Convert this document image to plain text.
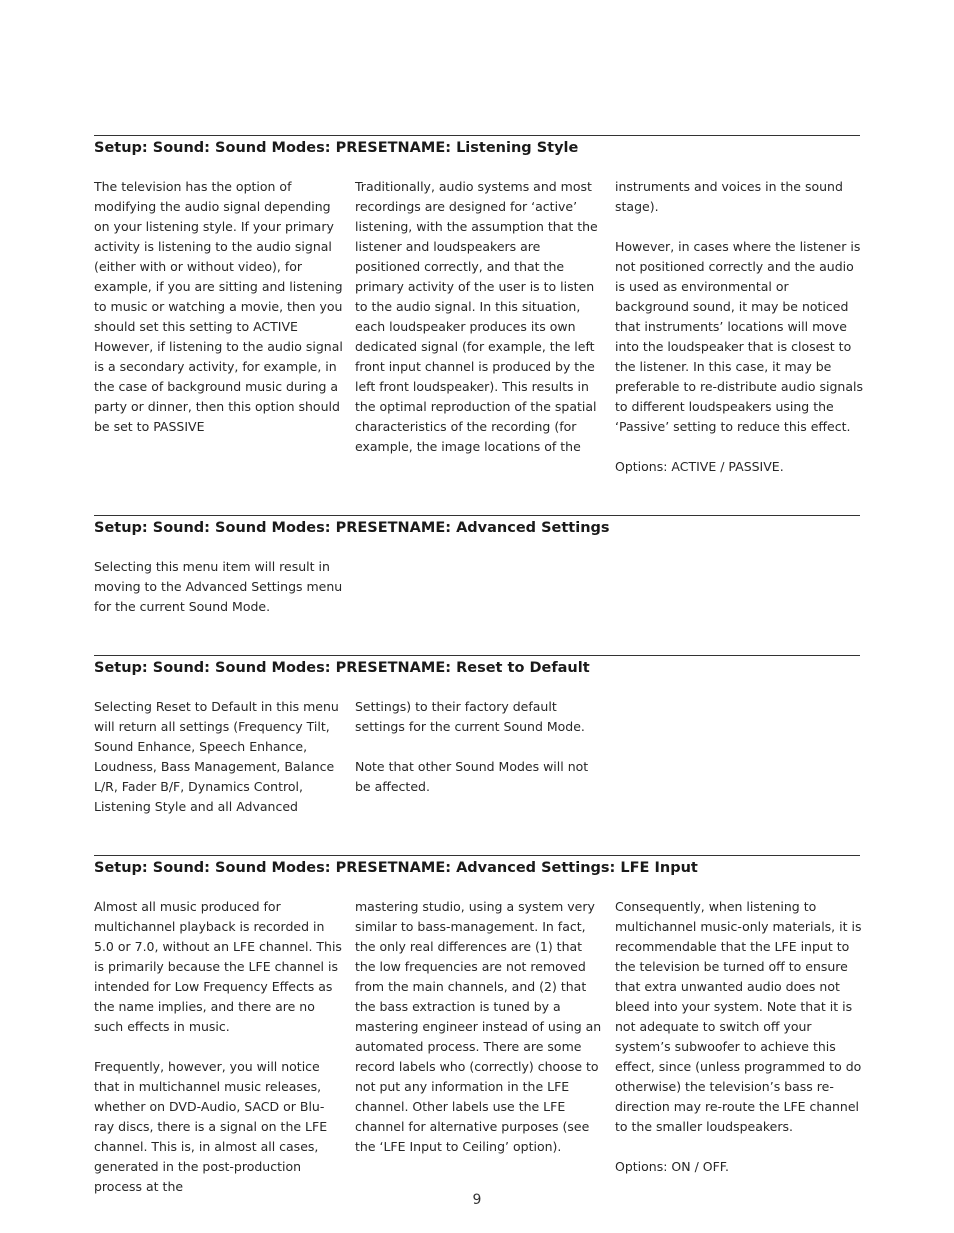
Setup: Sound: Sound Modes: PRESETNAME: Listening Style

The television has the option of modifying the audio signal depending on your listening style. If your primary activity is listening to the audio signal (either with or without video), for example, if you are sitting and listening to music or watching a movie, then you should set this setting to ACTIVE However, if listening to the audio signal is a secondary activity, for example, in the case of background music during a party or dinner, then this option should be set to PASSIVE

Traditionally, audio systems and most recordings are designed for ‘active’ listening, with the assumption that the listener and loudspeakers are positioned correctly, and that the primary activity of the user is to listen to the audio signal. In this situation, each loudspeaker produces its own dedicated signal (for example, the left front input channel is produced by the left front loudspeaker). This results in the optimal reproduction of the spatial characteristics of the recording (for example, the image locations of the

instruments and voices in the sound stage).

However, in cases where the listener is not positioned correctly and the audio is used as environmental or background sound, it may be noticed that instruments’ locations will move into the loudspeaker that is closest to the listener. In this case, it may be preferable to re-distribute audio signals to different loudspeakers using the ‘Passive’ setting to reduce this effect.

Options: ACTIVE / PASSIVE.

Setup: Sound: Sound Modes: PRESETNAME: Advanced Settings

Selecting this menu item will result in moving to the Advanced Settings menu for the current Sound Mode.

Setup: Sound: Sound Modes: PRESETNAME: Reset to Default

Selecting Reset to Default in this menu will return all settings (Frequency Tilt, Sound Enhance, Speech Enhance, Loudness, Bass Management, Balance L/R, Fader B/F, Dynamics Control, Listening Style and all Advanced

Settings) to their factory default settings for the current Sound Mode.

Note that other Sound Modes will not be affected.

Setup: Sound: Sound Modes: PRESETNAME: Advanced Settings: LFE Input

Almost all music produced for multichannel playback is recorded in 5.0 or 7.0, without an LFE channel. This is primarily because the LFE channel is intended for Low Frequency Effects as the name implies, and there are no such effects in music.

Frequently, however, you will notice that in multichannel music releases, whether on DVD-Audio, SACD or Blu-ray discs, there is a signal on the LFE channel. This is, in almost all cases, generated in the post-production process at the

mastering studio, using a system very similar to bass-management. In fact, the only real differences are (1) that the low frequencies are not removed from the main channels, and (2) that the bass extraction is tuned by a mastering engineer instead of using an automated process. There are some record labels who (correctly) choose to not put any information in the LFE channel. Other labels use the LFE channel for alternative purposes (see the ‘LFE Input to Ceiling’ option).

Consequently, when listening to multichannel music-only materials, it is recommendable that the LFE input to the television be turned off to ensure that extra unwanted audio does not bleed into your system. Note that it is not adequate to switch off your system’s subwoofer to achieve this effect, since (unless programmed to do otherwise) the television’s bass re-direction may re-route the LFE channel to the smaller loudspeakers.

Options: ON / OFF.

9
